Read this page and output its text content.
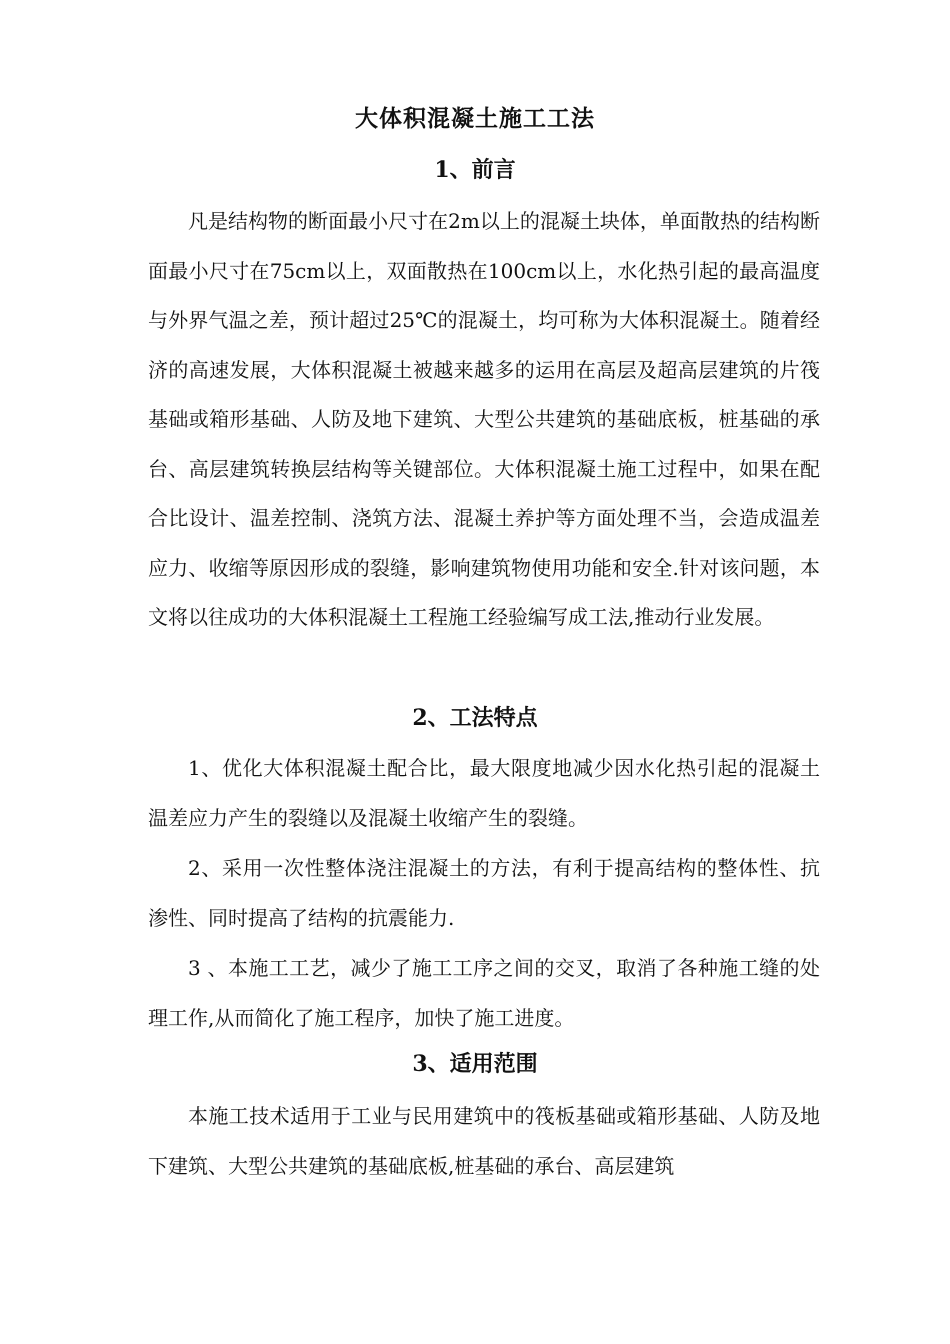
大体积混凝土施工工法
1、前言

凡是结构物的断面最小尺寸在2m以上的混凝土块体，单面散热的结构断面最小尺寸在75cm以上，双面散热在100cm以上，水化热引起的最高温度与外界气温之差，预计超过25℃的混凝土，均可称为大体积混凝土。随着经济的高速发展，大体积混凝土被越来越多的运用在高层及超高层建筑的片筏基础或箱形基础、人防及地下建筑、大型公共建筑的基础底板，桩基础的承台、高层建筑转换层结构等关键部位。大体积混凝土施工过程中，如果在配合比设计、温差控制、浇筑方法、混凝土养护等方面处理不当，会造成温差应力、收缩等原因形成的裂缝，影响建筑物使用功能和安全.针对该问题，本文将以往成功的大体积混凝土工程施工经验编写成工法,推动行业发展。

2、工法特点

1、优化大体积混凝土配合比，最大限度地减少因水化热引起的混凝土温差应力产生的裂缝以及混凝土收缩产生的裂缝。

2、采用一次性整体浇注混凝土的方法，有利于提高结构的整体性、抗渗性、同时提高了结构的抗震能力.

3 、本施工工艺，减少了施工工序之间的交叉，取消了各种施工缝的处理工作,从而简化了施工程序，加快了施工进度。

3、适用范围

本施工技术适用于工业与民用建筑中的筏板基础或箱形基础、人防及地下建筑、大型公共建筑的基础底板,桩基础的承台、高层建筑
